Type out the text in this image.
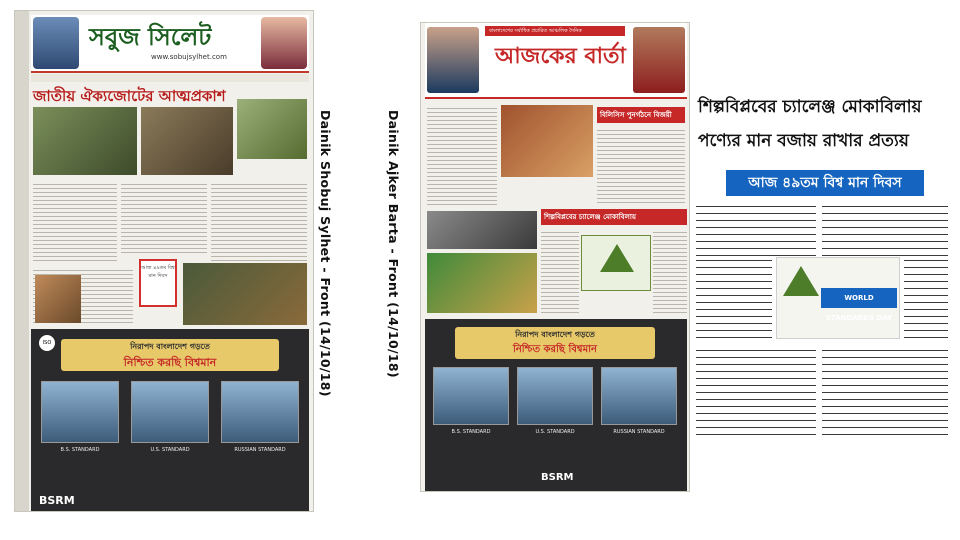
সবুজ সিলেট
www.sobujsylhet.com
জাতীয় ঐক্যজোটের আত্মপ্রকাশ
আজ ৪৯তম বিশ্ব মান দিবস
ISO	নিরাপদ বাংলাদেশ গড়তে
নিশ্চিত করছি বিশ্বমান
B.S. STANDARD	U.S. STANDARD	RUSSIAN STANDARD
BSRM
Dainik Shobuj Sylhet - Front (14/10/18)	Dainik Ajker Barta - Front (14/10/18)
বাংলাদেশের সর্বাধিক প্রচারিত আঞ্চলিক দৈনিক
আজকের বার্তা
বিলিসিস পুনর্গঠনে বিজয়ী
শিল্পবিপ্লবের চ্যালেঞ্জ মোকাবিলায়
নিরাপদ বাংলাদেশ গড়তে
নিশ্চিত করছি বিশ্বমান
B.S. STANDARD	U.S. STANDARD	RUSSIAN STANDARD
BSRM
শিল্পবিপ্লবের চ্যালেঞ্জ মোকাবিলায়
পণ্যের মান বজায় রাখার প্রত্যয়
আজ ৪৯তম বিশ্ব মান দিবস
WORLD STANDARDS DAY
